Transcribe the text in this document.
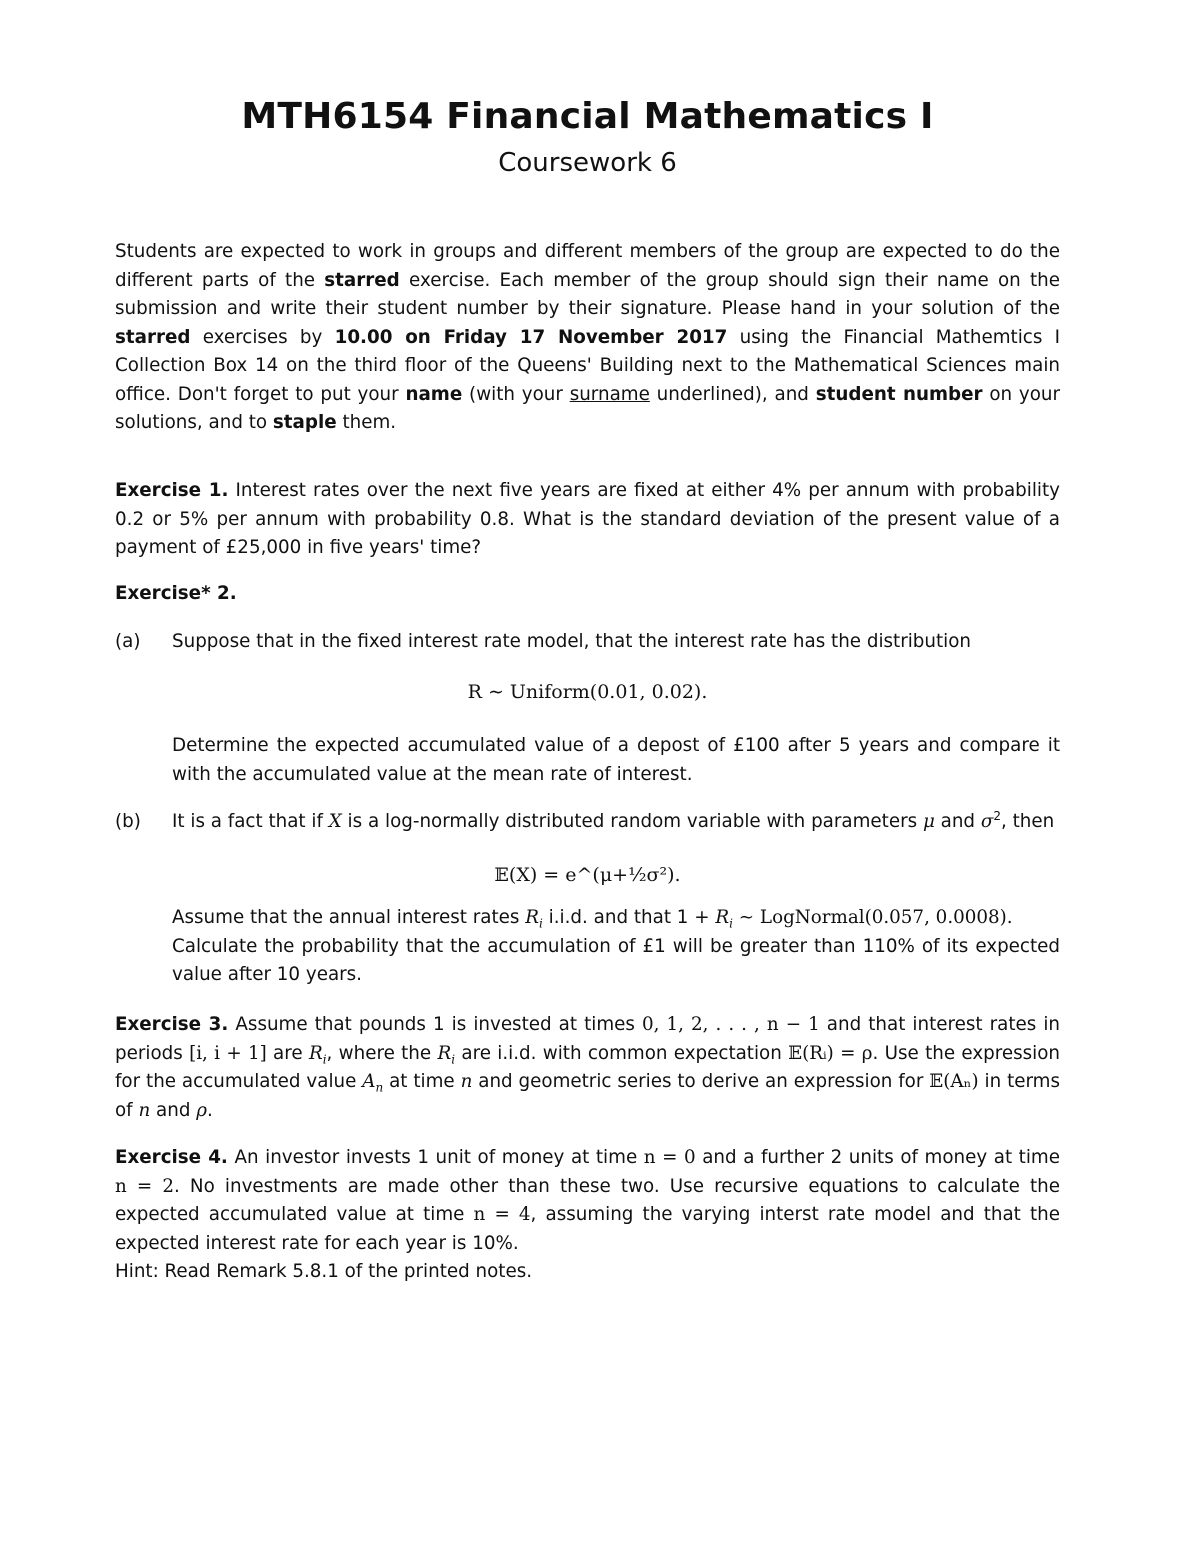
MTH6154 Financial Mathematics I
Coursework 6

Students are expected to work in groups and different members of the group are expected to do the different parts of the starred exercise. Each member of the group should sign their name on the submission and write their student number by their signature. Please hand in your solution of the starred exercises by 10.00 on Friday 17 November 2017 using the Financial Mathemtics I Collection Box 14 on the third floor of the Queens' Building next to the Mathematical Sciences main office. Don't forget to put your name (with your surname underlined), and student number on your solutions, and to staple them.

Exercise 1. Interest rates over the next five years are fixed at either 4% per annum with probability 0.2 or 5% per annum with probability 0.8. What is the standard deviation of the present value of a payment of £25,000 in five years' time?

Exercise* 2.

(a) Suppose that in the fixed interest rate model, that the interest rate has the distribution
R ∼ Uniform(0.01, 0.02).
Determine the expected accumulated value of a depost of £100 after 5 years and compare it with the accumulated value at the mean rate of interest.
(b) It is a fact that if X is a log-normally distributed random variable with parameters μ and $\sigma^2$, then
𝔼(X) = e^(μ+½σ²).
Assume that the annual interest rates $R_i$ i.i.d. and that $1 + R_i$ ∼ LogNormal(0.057, 0.0008).
Calculate the probability that the accumulation of £1 will be greater than 110% of its expected value after 10 years.

Exercise 3. Assume that pounds 1 is invested at times 0, 1, 2, . . . , n − 1 and that interest rates in periods [i, i + 1] are $R_i$, where the $R_i$ are i.i.d. with common expectation 𝔼(Rᵢ) = ρ. Use the expression for the accumulated value $A_n$ at time n and geometric series to derive an expression for 𝔼(Aₙ) in terms of n and ρ.

Exercise 4. An investor invests 1 unit of money at time n = 0 and a further 2 units of money at time n = 2. No investments are made other than these two. Use recursive equations to calculate the expected accumulated value at time n = 4, assuming the varying interst rate model and that the expected interest rate for each year is 10%.

Hint: Read Remark 5.8.1 of the printed notes.
